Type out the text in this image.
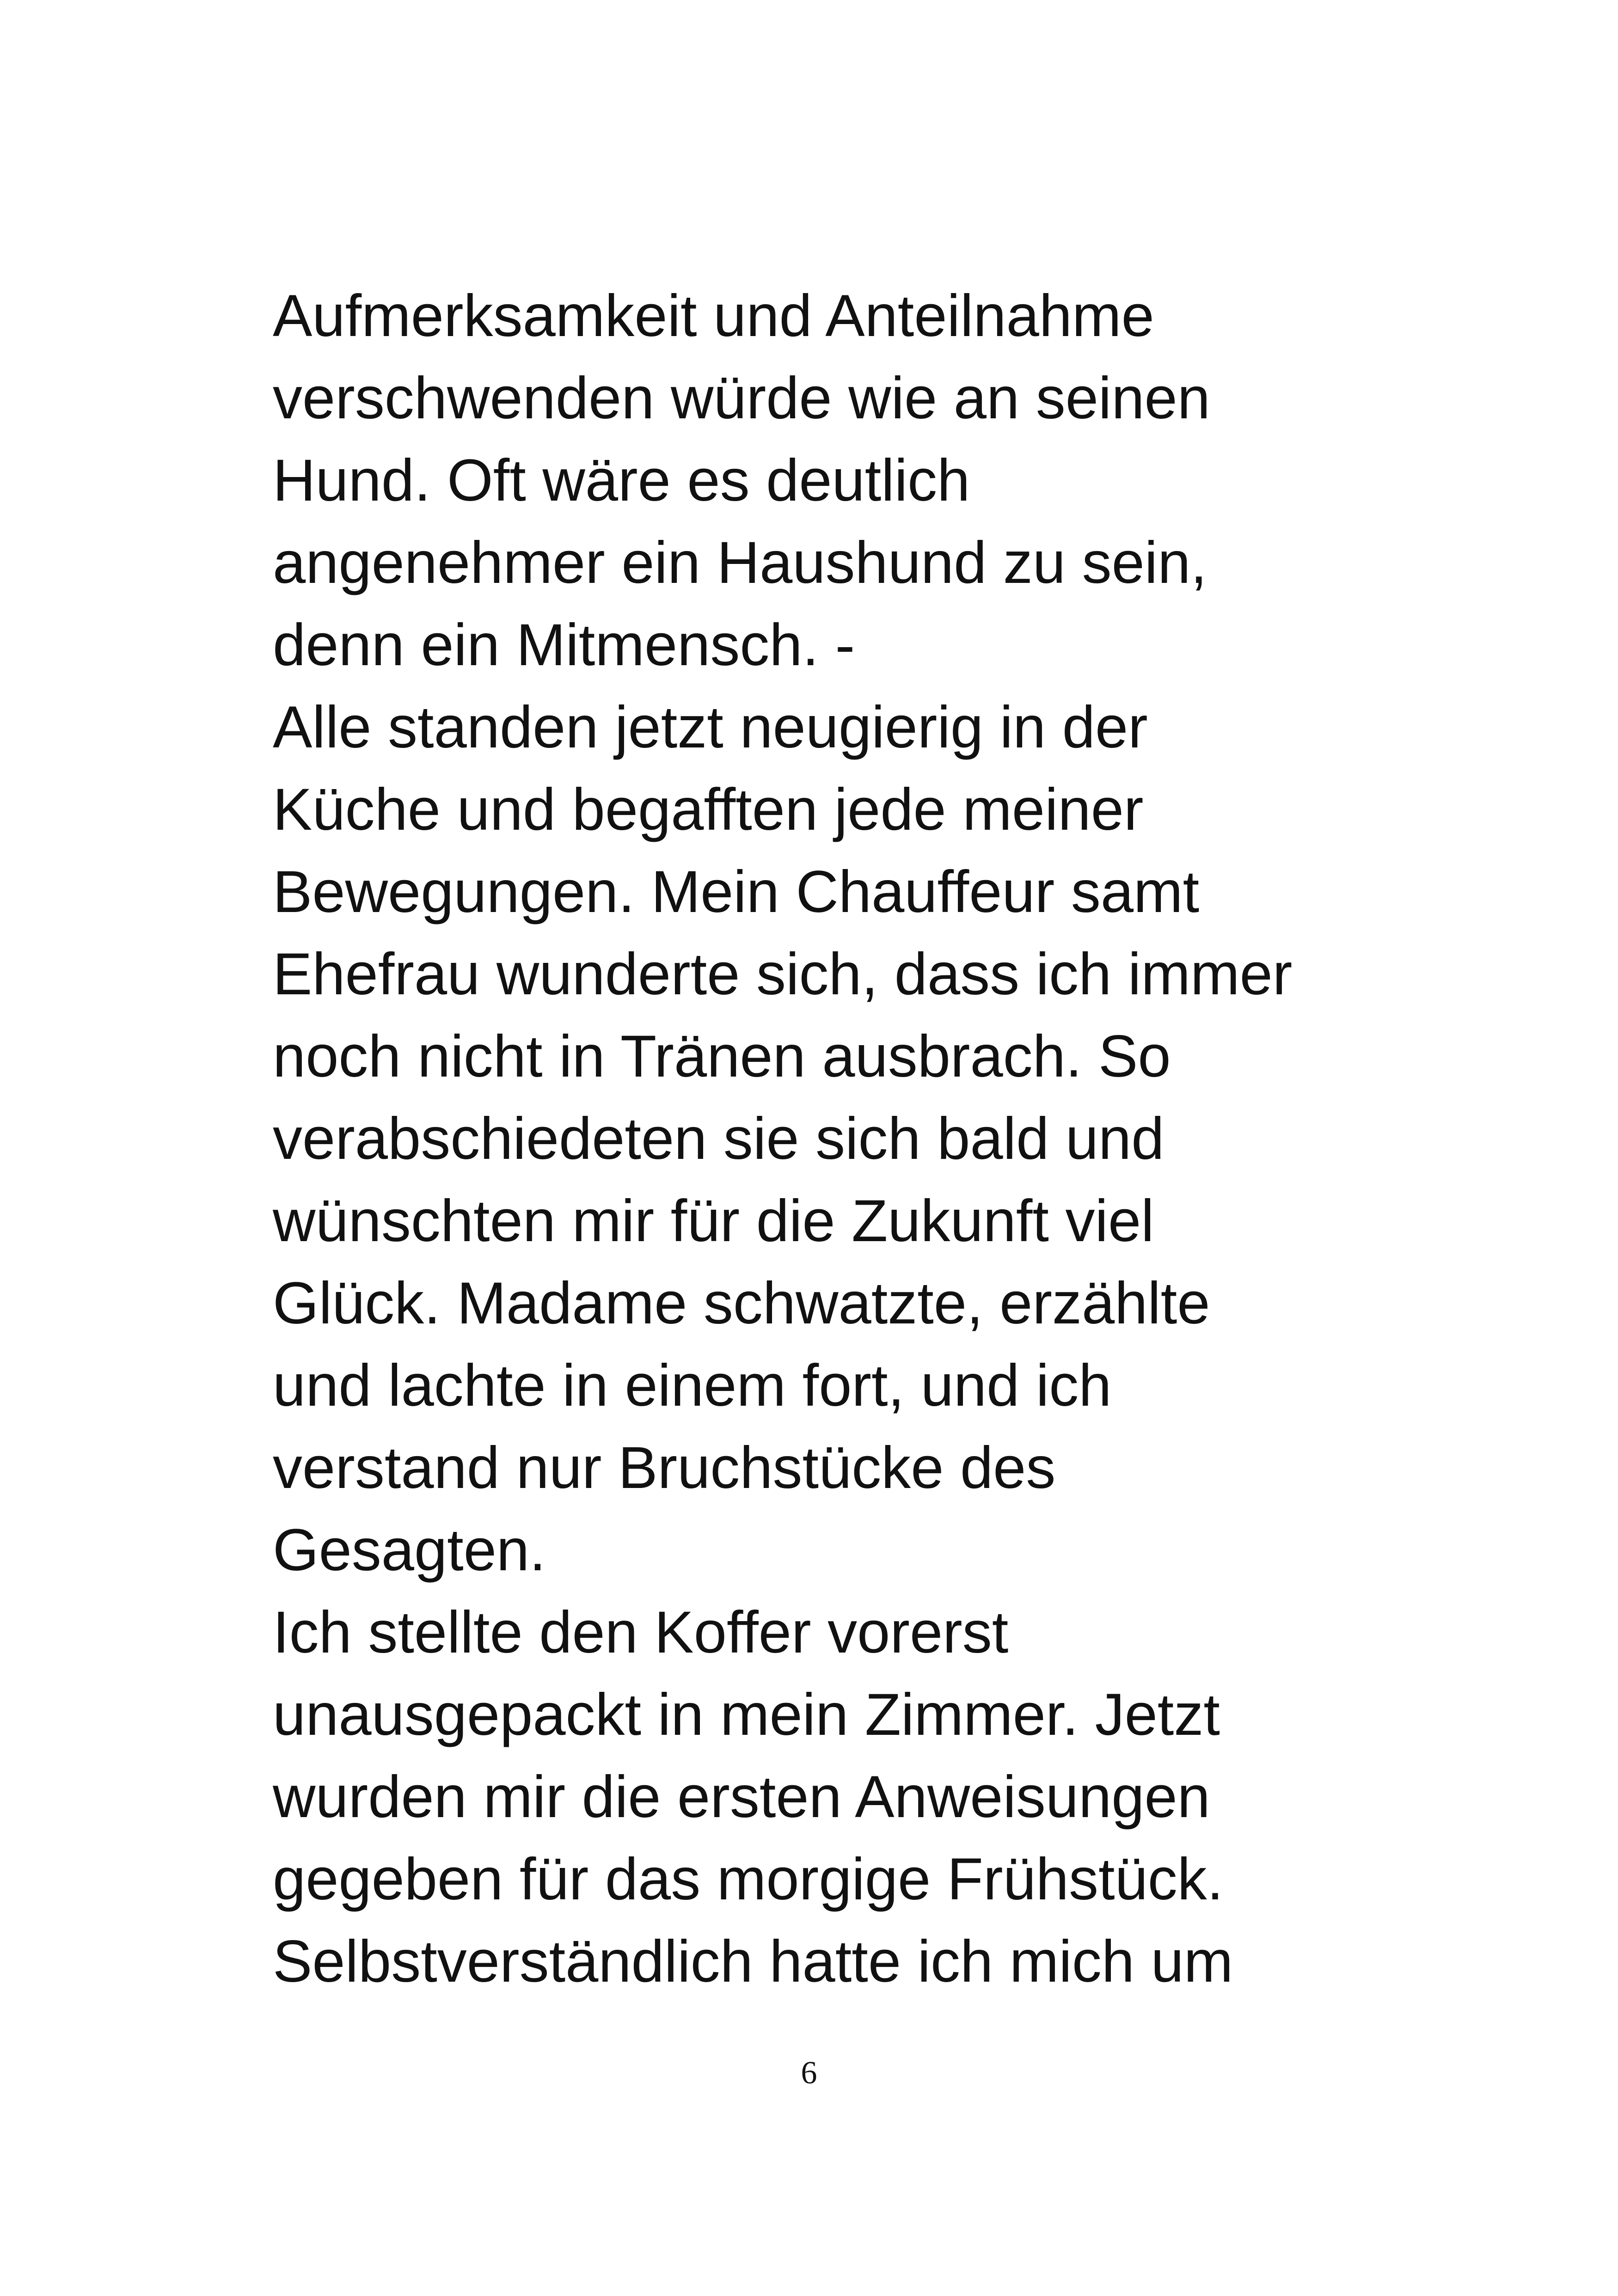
Aufmerksamkeit und Anteilnahme
verschwenden würde wie an seinen
Hund. Oft wäre es deutlich
angenehmer ein Haushund zu sein,
denn ein Mitmensch. -
Alle standen jetzt neugierig in der
Küche und begafften jede meiner
Bewegungen. Mein Chauffeur samt
Ehefrau wunderte sich, dass ich immer
noch nicht in Tränen ausbrach. So
verabschiedeten sie sich bald und
wünschten mir für die Zukunft viel
Glück. Madame schwatzte, erzählte
und lachte in einem fort, und ich
verstand nur Bruchstücke des
Gesagten.
Ich stellte den Koffer vorerst
unausgepackt in mein Zimmer. Jetzt
wurden mir die ersten Anweisungen
gegeben für das morgige Frühstück.
Selbstverständlich hatte ich mich um
6
